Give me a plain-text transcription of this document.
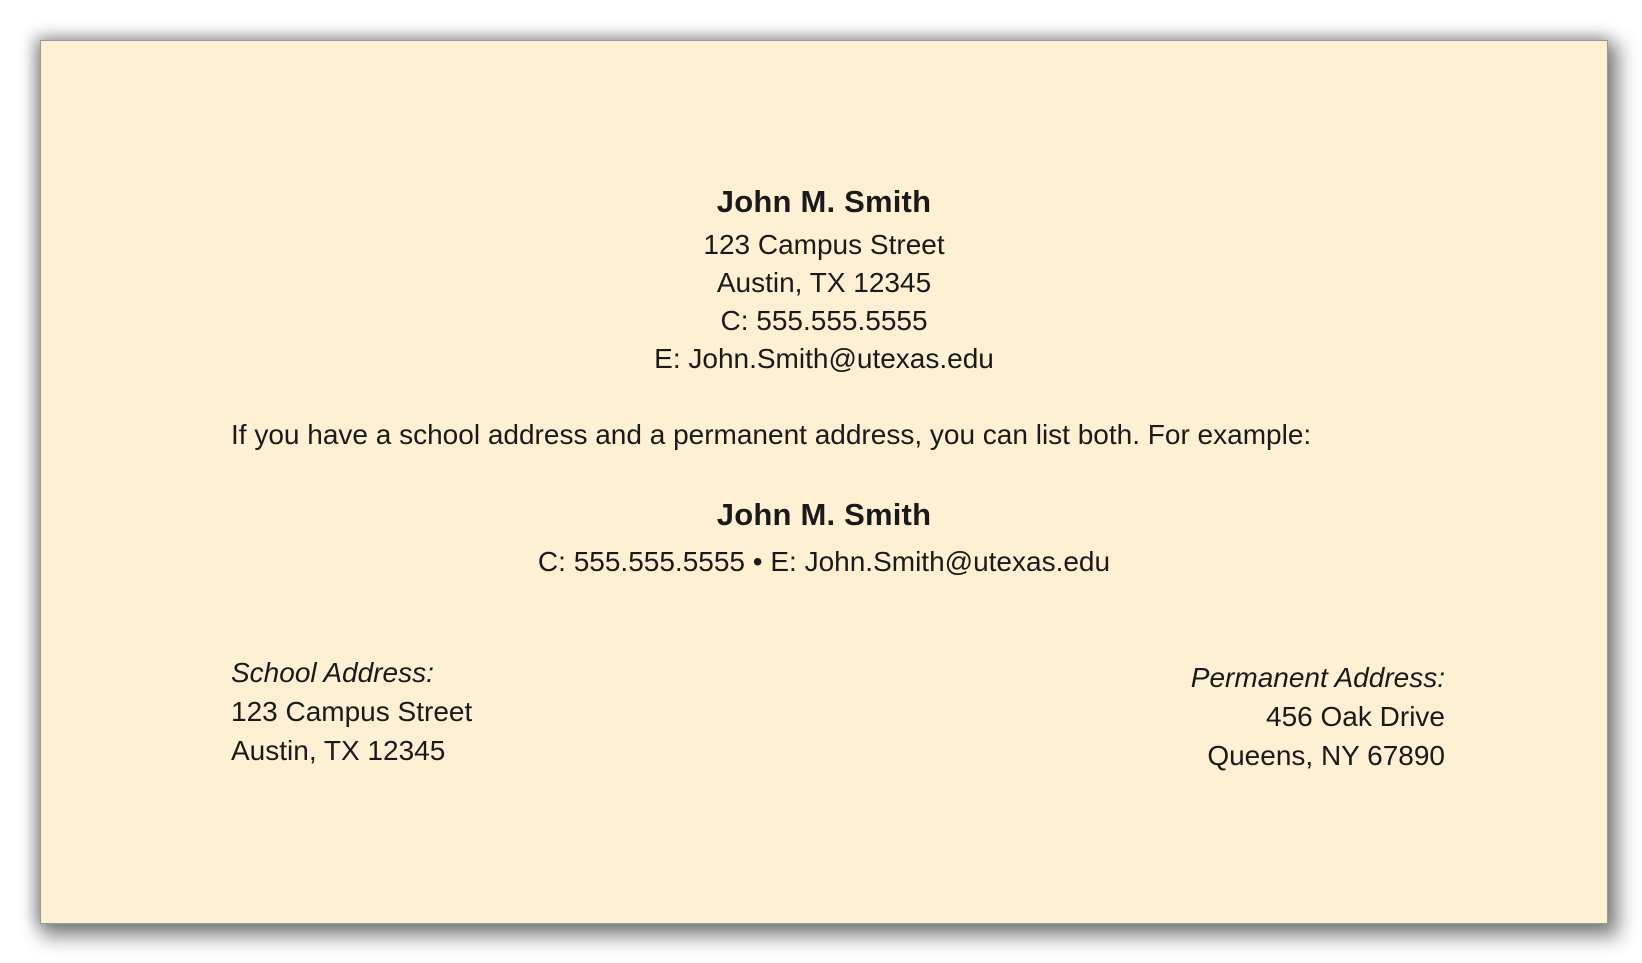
John M. Smith
123 Campus Street
Austin, TX 12345
C: 555.555.5555
E: John.Smith@utexas.edu
If you have a school address and a permanent address, you can list both. For example:
John M. Smith
C: 555.555.5555 • E: John.Smith@utexas.edu
School Address:
123 Campus Street
Austin, TX 12345
Permanent Address:
456 Oak Drive
Queens, NY 67890
